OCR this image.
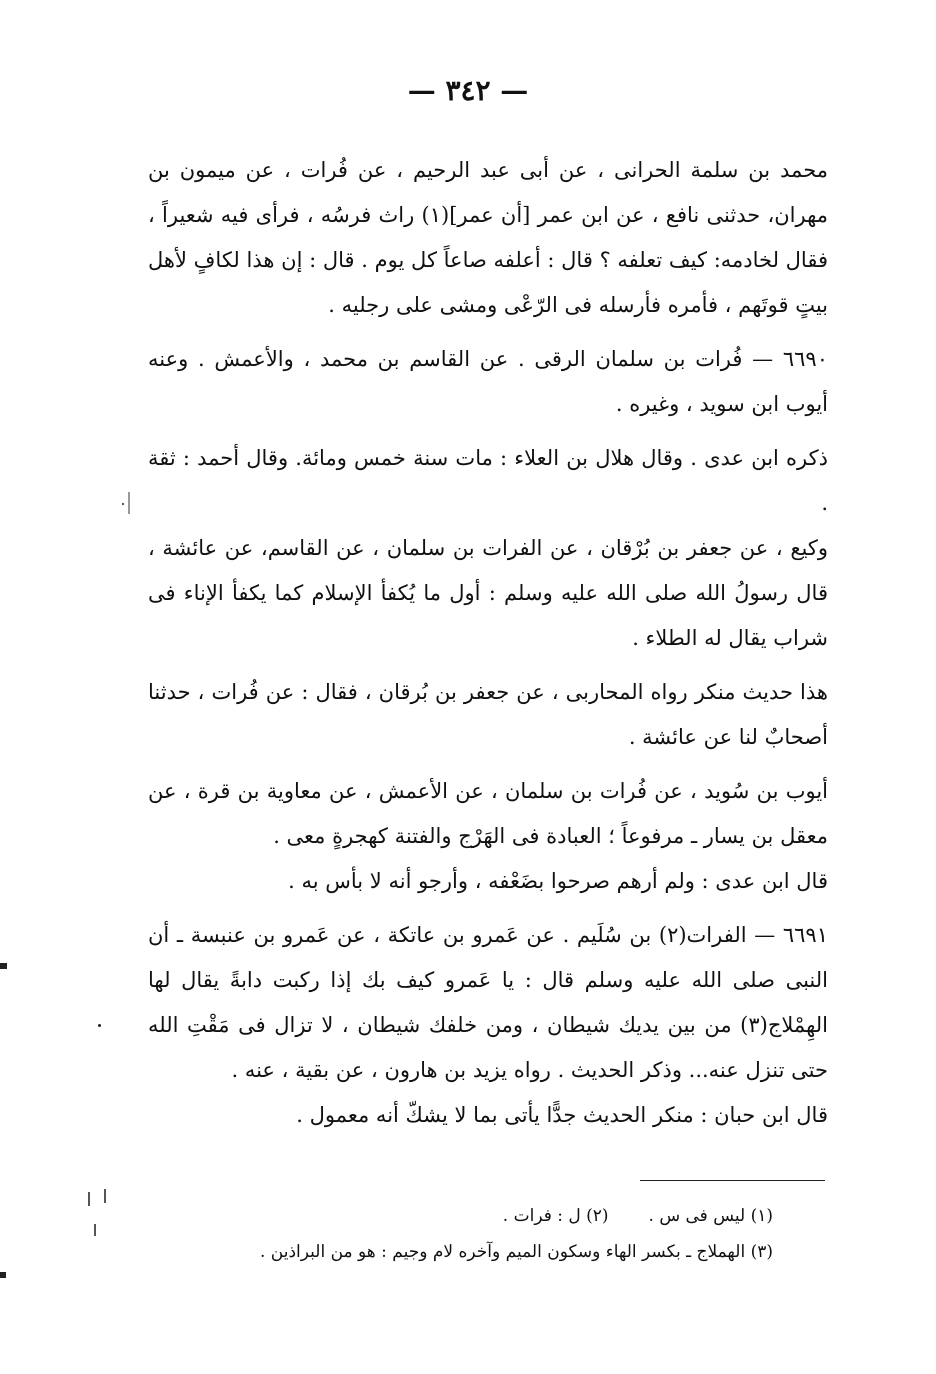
— ٣٤٢ —

محمد بن سلمة الحرانى ، عن أبى عبد الرحيم ، عن فُرات ، عن ميمون بن مهران، حدثنى نافع ، عن ابن عمر [أن عمر](١) راث فرسُه ، فرأى فيه شعيراً ، فقال لخادمه: كيف تعلفه ؟ قال : أعلفه صاعاً كل يوم . قال : إن هذا لكافٍ لأهل بيتٍ قوتَهم ، فأمره فأرسله فى الرّعْى ومشى على رجليه .

٦٦٩٠ — فُرات بن سلمان الرقى . عن القاسم بن محمد ، والأعمش . وعنه أيوب ابن سويد ، وغيره .

ذكره ابن عدى . وقال هلال بن العلاء : مات سنة خمس ومائة. وقال أحمد : ثقة .

وكيع ، عن جعفر بن بُرْقان ، عن الفرات بن سلمان ، عن القاسم، عن عائشة ، قال رسولُ الله صلى الله عليه وسلم : أول ما يُكفأ الإسلام كما يكفأ الإناء فى شراب يقال له الطلاء .

هذا حديث منكر رواه المحاربى ، عن جعفر بن بُرقان ، فقال : عن فُرات ، حدثنا أصحابٌ لنا عن عائشة .

أيوب بن سُويد ، عن فُرات بن سلمان ، عن الأعمش ، عن معاوية بن قرة ، عن معقل بن يسار ـ مرفوعاً ؛ العبادة فى الهَرْج والفتنة كهجرةٍ معى .

قال ابن عدى : ولم أرهم صرحوا بضَعْفه ، وأرجو أنه لا بأس به .

٦٦٩١ — الفرات(٢) بن سُلَيم . عن عَمرو بن عاتكة ، عن عَمرو بن عنبسة ـ أن النبى صلى الله عليه وسلم قال : يا عَمرو كيف بك إذا ركبت دابةً يقال لها الهِمْلاج(٣) من بين يديك شيطان ، ومن خلفك شيطان ، لا تزال فى مَقْتِ الله حتى تنزل عنه... وذكر الحديث . رواه يزيد بن هارون ، عن بقية ، عنه .

قال ابن حبان : منكر الحديث جدًّا يأتى بما لا يشكّ أنه معمول .

(١) ليس فى س .(٢) ل : فرات .

(٣) الهملاج ـ بكسر الهاء وسكون الميم وآخره لام وجيم : هو من البراذين .
